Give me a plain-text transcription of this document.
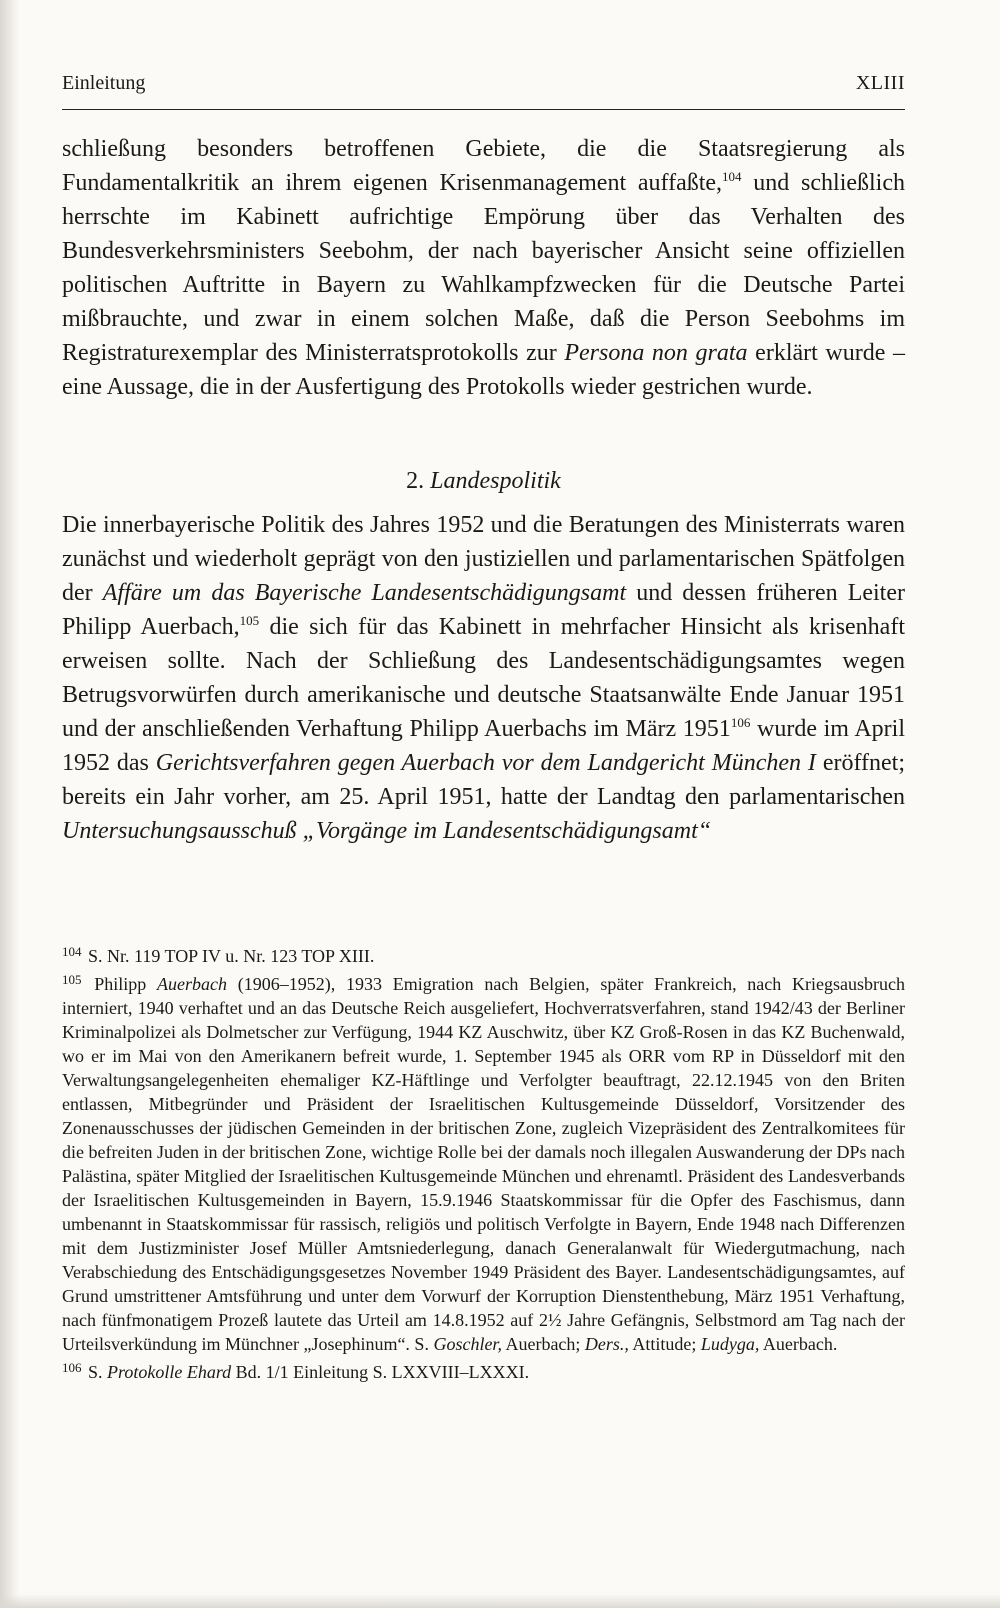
Einleitung	XLIII

schließung besonders betroffenen Gebiete, die die Staatsregierung als Fundamentalkritik an ihrem eigenen Krisenmanagement auffaßte,$^{104}$ und schließlich herrschte im Kabinett aufrichtige Empörung über das Verhalten des Bundesverkehrsministers Seebohm, der nach bayerischer Ansicht seine offiziellen politischen Auftritte in Bayern zu Wahlkampfzwecken für die Deutsche Partei mißbrauchte, und zwar in einem solchen Maße, daß die Person Seebohms im Registraturexemplar des Ministerratsprotokolls zur Persona non grata erklärt wurde – eine Aussage, die in der Ausfertigung des Protokolls wieder gestrichen wurde.

2. Landespolitik

Die innerbayerische Politik des Jahres 1952 und die Beratungen des Ministerrats waren zunächst und wiederholt geprägt von den justiziellen und parlamentarischen Spätfolgen der Affäre um das Bayerische Landesentschädigungsamt und dessen früheren Leiter Philipp Auerbach,$^{105}$ die sich für das Kabinett in mehrfacher Hinsicht als krisenhaft erweisen sollte. Nach der Schließung des Landesentschädigungsamtes wegen Betrugsvorwürfen durch amerikanische und deutsche Staatsanwälte Ende Januar 1951 und der anschließenden Verhaftung Philipp Auerbachs im März 1951$^{106}$ wurde im April 1952 das Gerichtsverfahren gegen Auerbach vor dem Landgericht München I eröffnet; bereits ein Jahr vorher, am 25. April 1951, hatte der Landtag den parlamentarischen Untersuchungsausschuß „Vorgänge im Landesentschädigungsamt“

$^{104}$ S. Nr. 119 TOP IV u. Nr. 123 TOP XIII.

$^{105}$ Philipp Auerbach (1906–1952), 1933 Emigration nach Belgien, später Frankreich, nach Kriegsausbruch interniert, 1940 verhaftet und an das Deutsche Reich ausgeliefert, Hochverratsverfahren, stand 1942/43 der Berliner Kriminalpolizei als Dolmetscher zur Verfügung, 1944 KZ Auschwitz, über KZ Groß-Rosen in das KZ Buchenwald, wo er im Mai von den Amerikanern befreit wurde, 1. September 1945 als ORR vom RP in Düsseldorf mit den Verwaltungsangelegenheiten ehemaliger KZ-Häftlinge und Verfolgter beauftragt, 22.12.1945 von den Briten entlassen, Mitbegründer und Präsident der Israelitischen Kultusgemeinde Düsseldorf, Vorsitzender des Zonenausschusses der jüdischen Gemeinden in der britischen Zone, zugleich Vizepräsident des Zentralkomitees für die befreiten Juden in der britischen Zone, wichtige Rolle bei der damals noch illegalen Auswanderung der DPs nach Palästina, später Mitglied der Israelitischen Kultusgemeinde München und ehrenamtl. Präsident des Landesverbands der Israelitischen Kultusgemeinden in Bayern, 15.9.1946 Staatskommissar für die Opfer des Faschismus, dann umbenannt in Staatskommissar für rassisch, religiös und politisch Verfolgte in Bayern, Ende 1948 nach Differenzen mit dem Justizminister Josef Müller Amtsniederlegung, danach Generalanwalt für Wiedergutmachung, nach Verabschiedung des Entschädigungsgesetzes November 1949 Präsident des Bayer. Landesentschädigungsamtes, auf Grund umstrittener Amtsführung und unter dem Vorwurf der Korruption Dienstenthebung, März 1951 Verhaftung, nach fünfmonatigem Prozeß lautete das Urteil am 14.8.1952 auf 2½ Jahre Gefängnis, Selbstmord am Tag nach der Urteilsverkündung im Münchner „Josephinum“. S. Goschler, Auerbach; Ders., Attitude; Ludyga, Auerbach.

$^{106}$ S. Protokolle Ehard Bd. 1/1 Einleitung S. LXXVIII–LXXXI.
